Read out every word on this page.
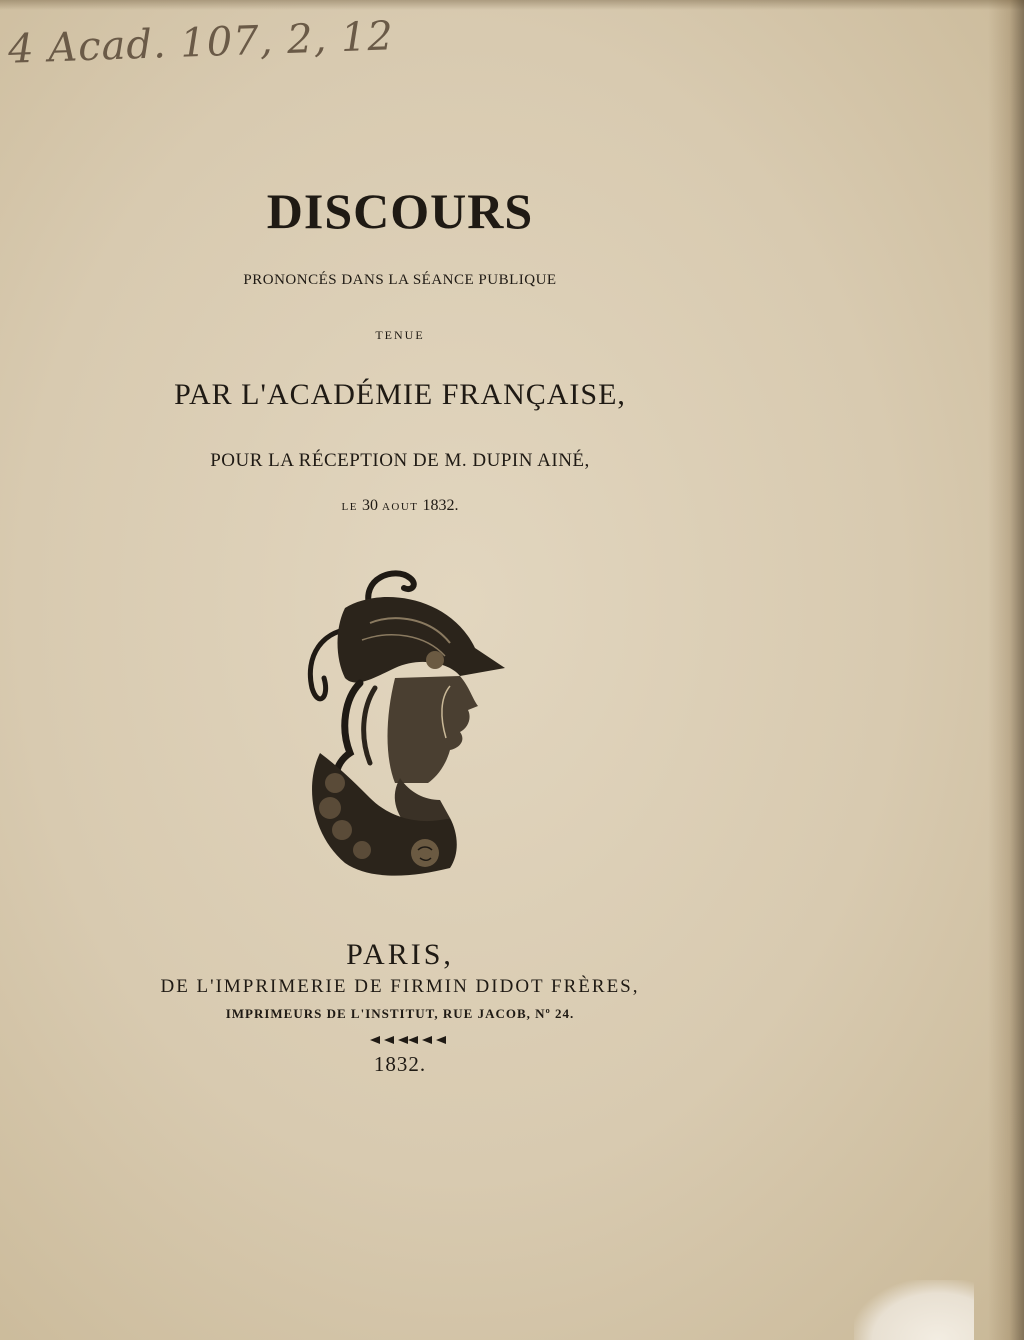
4 Acad. 107, 2, 12
DISCOURS
PRONONCÉS DANS LA SÉANCE PUBLIQUE
TENUE
PAR L'ACADÉMIE FRANÇAISE,
POUR LA RÉCEPTION DE M. DUPIN AINÉ,
LE 30 AOUT 1832.
PARIS,
DE L'IMPRIMERIE DE FIRMIN DIDOT FRÈRES,
IMPRIMEURS DE L'INSTITUT, RUE JACOB, Nº 24.
1832.
